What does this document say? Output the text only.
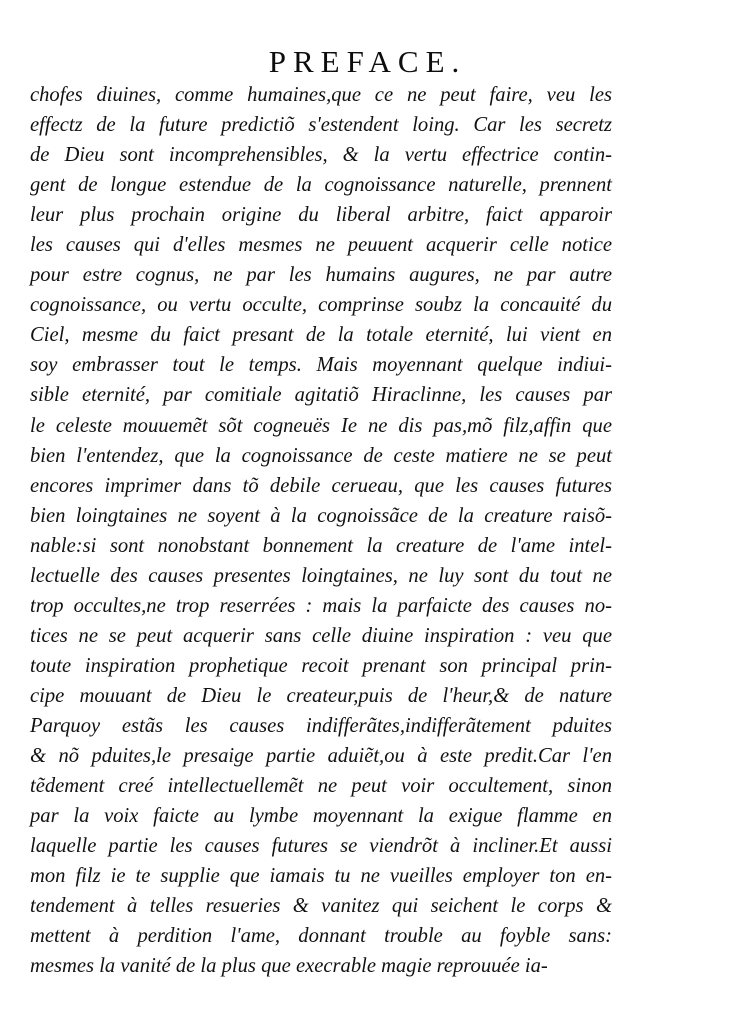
PREFACE.
chofes diuines, comme humaines,que ce ne peut faire, veu les
effectz de la future predictiõ s'estendent loing. Car les secretz
de Dieu sont incomprehensibles, & la vertu effectrice contin-
gent de longue estendue de la cognoissance naturelle, prennent
leur plus prochain origine du liberal arbitre, faict apparoir
les causes qui d'elles mesmes ne peuuent acquerir celle notice
pour estre cognus, ne par les humains augures, ne par autre
cognoissance, ou vertu occulte, comprinse soubz la concauité du
Ciel, mesme du faict presant de la totale eternité, lui vient en
soy embrasser tout le temps. Mais moyennant quelque indiui-
sible eternité, par comitiale agitatiõ Hiraclinne, les causes par
le celeste mouuemẽt sõt cogneuës Ie ne dis pas,mõ filz,affin que
bien l'entendez, que la cognoissance de ceste matiere ne se peut
encores imprimer dans tõ debile cerueau, que les causes futures
bien loingtaines ne soyent à la cognoissãce de la creature raisõ-
nable:si sont nonobstant bonnement la creature de l'ame intel-
lectuelle des causes presentes loingtaines, ne luy sont du tout ne
trop occultes,ne trop reserrées : mais la parfaicte des causes no-
tices ne se peut acquerir sans celle diuine inspiration : veu que
toute inspiration prophetique recoit prenant son principal prin-
cipe mouuant de Dieu le createur,puis de l'heur,& de nature
Parquoy estãs les causes indifferãtes,indifferãtement pduites
& nõ pduites,le presaige partie aduiẽt,ou à este predit.Car l'en
tẽdement creé intellectuellemẽt ne peut voir occultement, sinon
par la voix faicte au lymbe moyennant la exigue flamme en
laquelle partie les causes futures se viendrõt à incliner.Et aussi
mon filz ie te supplie que iamais tu ne vueilles employer ton en-
tendement à telles resueries & vanitez qui seichent le corps &
mettent à perdition l'ame, donnant trouble au foyble sans:
mesmes la vanité de la plus que execrable magie reprouuée ia-
